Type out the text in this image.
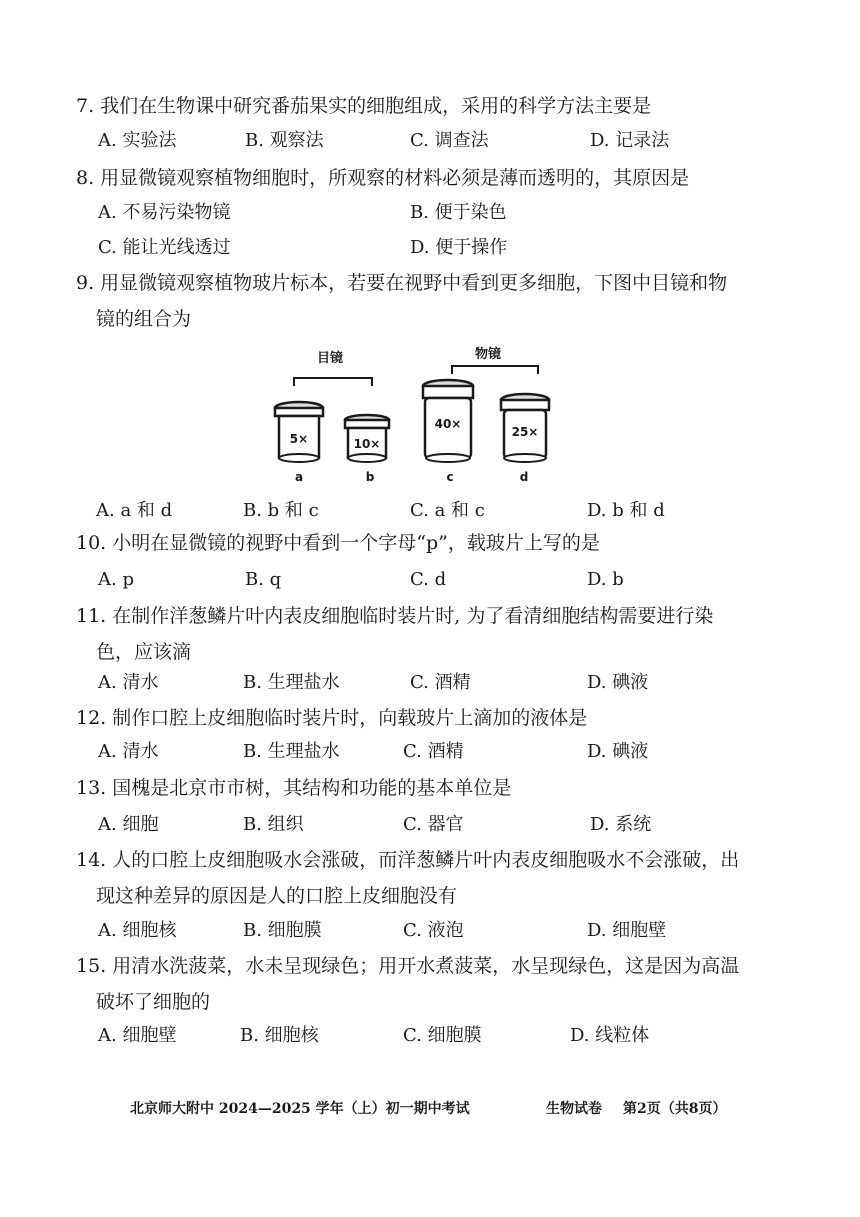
7. 我们在生物课中研究番茄果实的细胞组成，采用的科学方法主要是
A. 实验法	B. 观察法	C. 调查法	D. 记录法
8. 用显微镜观察植物细胞时，所观察的材料必须是薄而透明的，其原因是
A. 不易污染物镜	B. 便于染色
C. 能让光线透过	D. 便于操作
9. 用显微镜观察植物玻片标本，若要在视野中看到更多细胞，下图中目镜和物
镜的组合为
目镜	物镜
5×
a
10×
b
40×
c
25×
d
A. a 和 d	B. b 和 c	C. a 和 c	D. b 和 d
10. 小明在显微镜的视野中看到一个字母“p”，载玻片上写的是
A. p	B. q	C. d	D. b
11. 在制作洋葱鳞片叶内表皮细胞临时装片时, 为了看清细胞结构需要进行染
色，应该滴
A. 清水	B. 生理盐水	C. 酒精	D. 碘液
12. 制作口腔上皮细胞临时装片时，向载玻片上滴加的液体是
A. 清水	B. 生理盐水	C. 酒精	D. 碘液
13. 国槐是北京市市树，其结构和功能的基本单位是
A. 细胞	B. 组织	C. 器官	D. 系统
14. 人的口腔上皮细胞吸水会涨破，而洋葱鳞片叶内表皮细胞吸水不会涨破，出
现这种差异的原因是人的口腔上皮细胞没有
A. 细胞核	B. 细胞膜	C. 液泡	D. 细胞壁
15. 用清水洗菠菜，水未呈现绿色；用开水煮菠菜，水呈现绿色，这是因为高温
破坏了细胞的
A. 细胞壁	B. 细胞核	C. 细胞膜	D. 线粒体
北京师大附中 2024—2025 学年（上）初一期中考试	生物试卷 第2页（共8页）
